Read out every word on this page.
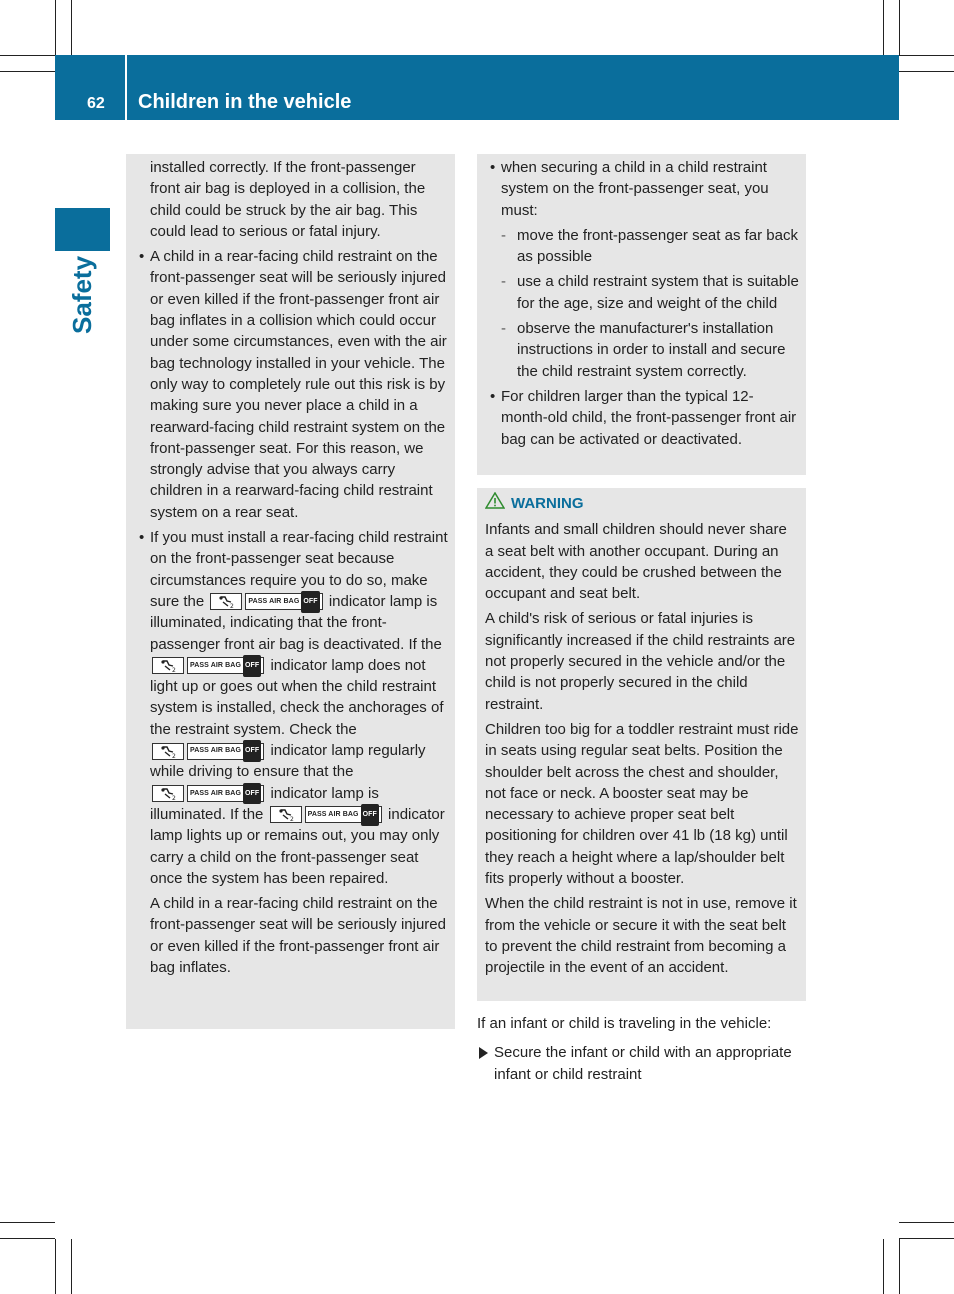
62 Children in the vehicle
Safety

installed correctly. If the front-passenger front air bag is deployed in a collision, the child could be struck by the air bag. This could lead to serious or fatal injury.

• A child in a rear-facing child restraint on the front-passenger seat will be seriously injured or even killed if the front-passenger front air bag inflates in a collision which could occur under some circumstances, even with the air bag technology installed in your vehicle. The only way to completely rule out this risk is by making sure you never place a child in a rearward-facing child restraint system on the front-passenger seat. For this reason, we strongly advise that you always carry children in a rearward-facing child restraint system on a rear seat.

• If you must install a rear-facing child restraint on the front-passenger seat because circumstances require you to do so, make sure the	2
PASS AIR BAG OFF indicator lamp is illuminated, indicating that the front-passenger front air bag is deactivated. If the
2
PASS AIR BAG OFF indicator lamp does not light up or goes out when the child restraint system is installed, check the anchorages of the restraint system. Check the
2
PASS AIR BAG OFF indicator lamp regularly while driving to ensure that the
2
PASS AIR BAG OFF indicator lamp is illuminated. If the	2
PASS AIR BAG OFF indicator lamp lights up or remains out, you may only carry a child on the front-passenger seat once the system has been repaired.

A child in a rear-facing child restraint on the front-passenger seat will be seriously injured or even killed if the front-passenger front air bag inflates.

• when securing a child in a child restraint system on the front-passenger seat, you must:

- move the front-passenger seat as far back as possible

- use a child restraint system that is suitable for the age, size and weight of the child

- observe the manufacturer's installation instructions in order to install and secure the child restraint system correctly.

• For children larger than the typical 12-month-old child, the front-passenger front air bag can be activated or deactivated.

WARNING

Infants and small children should never share a seat belt with another occupant. During an accident, they could be crushed between the occupant and seat belt.

A child's risk of serious or fatal injuries is significantly increased if the child restraints are not properly secured in the vehicle and/or the child is not properly secured in the child restraint.

Children too big for a toddler restraint must ride in seats using regular seat belts. Position the shoulder belt across the chest and shoulder, not face or neck. A booster seat may be necessary to achieve proper seat belt positioning for children over 41 lb (18 kg) until they reach a height where a lap/shoulder belt fits properly without a booster.

When the child restraint is not in use, remove it from the vehicle or secure it with the seat belt to prevent the child restraint from becoming a projectile in the event of an accident.

If an infant or child is traveling in the vehicle:

Secure the infant or child with an appropriate infant or child restraint
